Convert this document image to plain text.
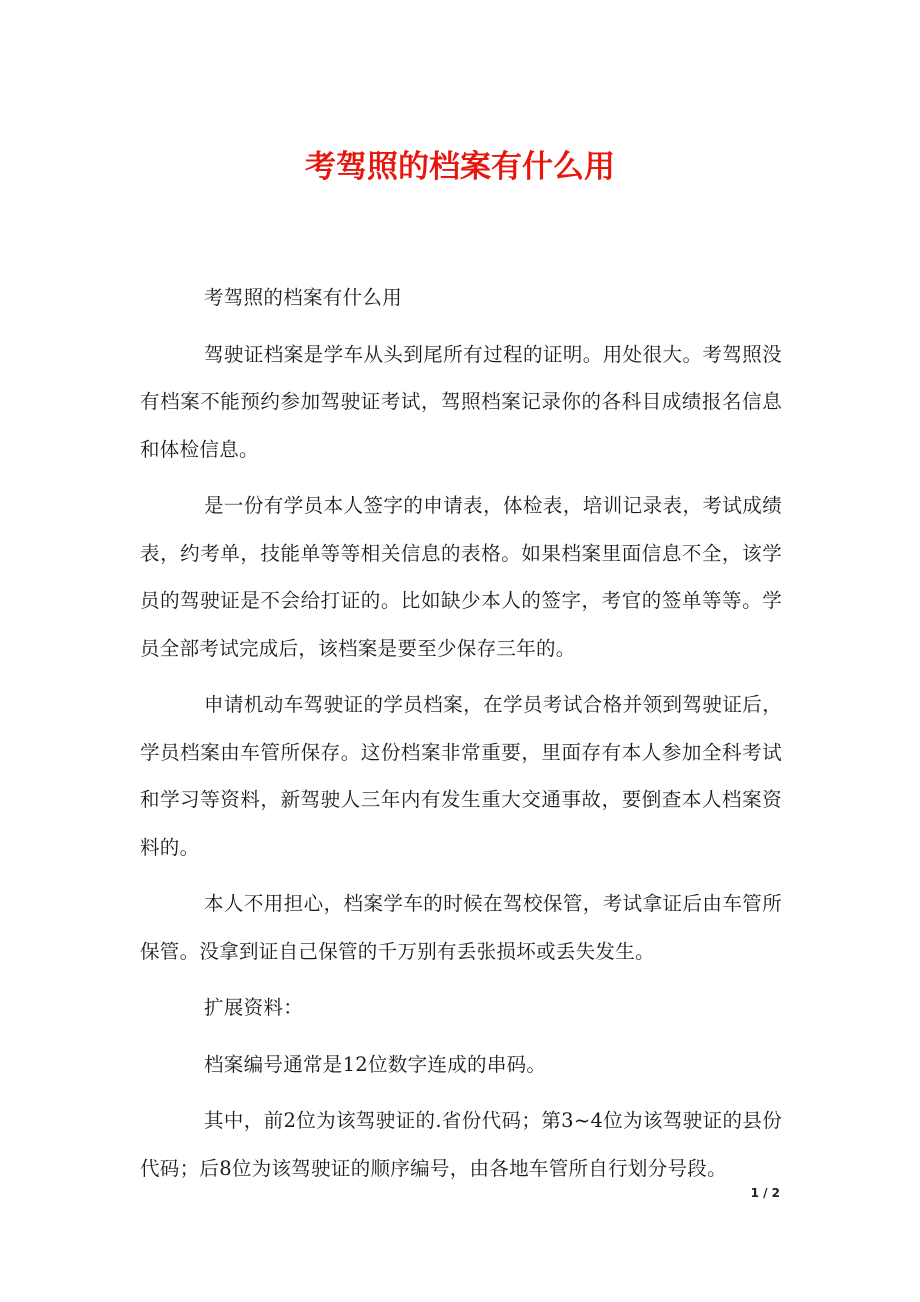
考驾照的档案有什么用

考驾照的档案有什么用

驾驶证档案是学车从头到尾所有过程的证明。用处很大。考驾照没有档案不能预约参加驾驶证考试，驾照档案记录你的各科目成绩报名信息和体检信息。

是一份有学员本人签字的申请表，体检表，培训记录表，考试成绩表，约考单，技能单等等相关信息的表格。如果档案里面信息不全，该学员的驾驶证是不会给打证的。比如缺少本人的签字，考官的签单等等。学员全部考试完成后，该档案是要至少保存三年的。

申请机动车驾驶证的学员档案，在学员考试合格并领到驾驶证后，学员档案由车管所保存。这份档案非常重要，里面存有本人参加全科考试和学习等资料，新驾驶人三年内有发生重大交通事故，要倒查本人档案资料的。

本人不用担心，档案学车的时候在驾校保管，考试拿证后由车管所保管。没拿到证自己保管的千万别有丢张损坏或丢失发生。

扩展资料：

档案编号通常是12位数字连成的串码。

其中，前2位为该驾驶证的.省份代码；第3~4位为该驾驶证的县份代码；后8位为该驾驶证的顺序编号，由各地车管所自行划分号段。

1 / 2
